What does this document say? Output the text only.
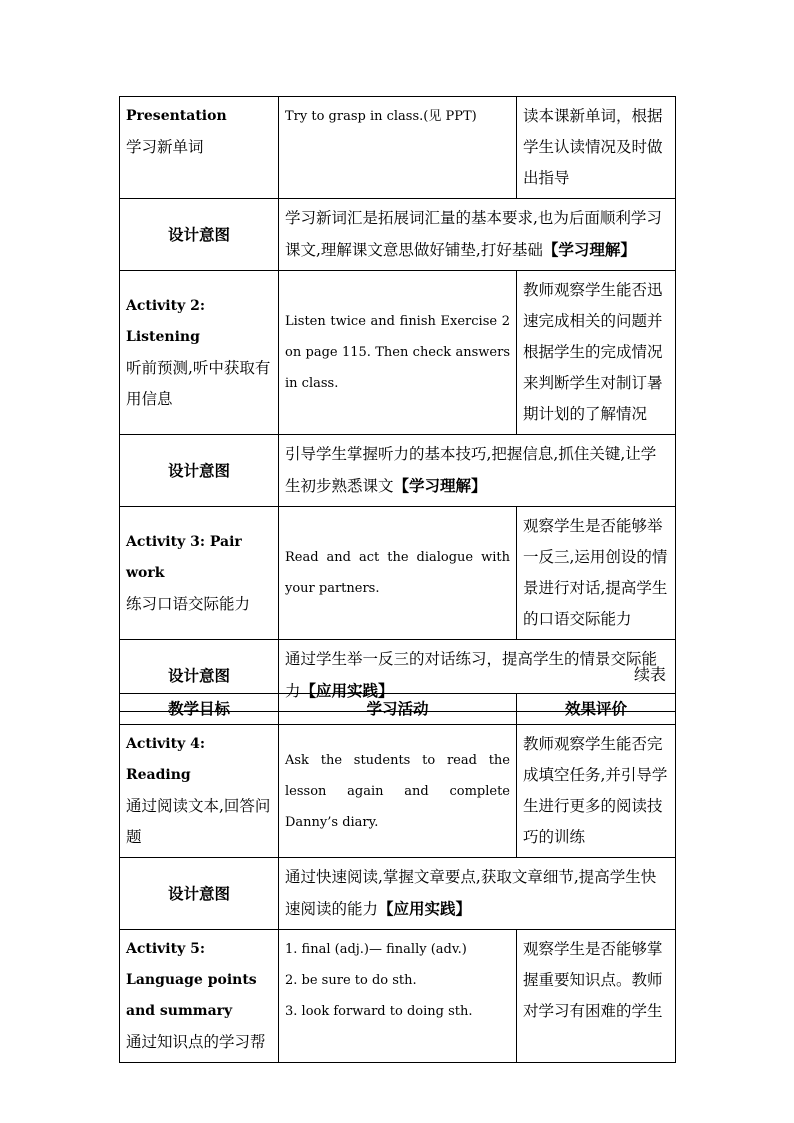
Presentation
学习新单词	Try to grasp in class.(见 PPT)	读本课新单词，根据学生认读情况及时做出指导
设计意图	学习新词汇是拓展词汇量的基本要求,也为后面顺利学习课文,理解课文意思做好铺垫,打好基础【学习理解】	

Activity 2: Listening
听前预测,听中获取有用信息	Listen twice and finish Exercise 2 on page 115. Then check answers in class.	教师观察学生能否迅速完成相关的问题并根据学生的完成情况来判断学生对制订暑期计划的了解情况
设计意图	引导学生掌握听力的基本技巧,把握信息,抓住关键,让学生初步熟悉课文【学习理解】	

Activity 3: Pair work
练习口语交际能力	Read and act the dialogue with your partners.	观察学生是否能够举一反三,运用创设的情景进行对话,提高学生的口语交际能力
设计意图	通过学生举一反三的对话练习，提高学生的情景交际能力【应用实践】	
续表
教学目标	学习活动	效果评价

Activity 4: Reading
通过阅读文本,回答问题	Ask the students to read the lesson again and complete Danny’s diary.	教师观察学生能否完成填空任务,并引导学生进行更多的阅读技巧的训练
设计意图	通过快速阅读,掌握文章要点,获取文章细节,提高学生快速阅读的能力【应用实践】	

Activity 5: Language points and summary
通过知识点的学习帮	1. final (adj.)— finally (adv.)
2. be sure to do sth.
3. look forward to doing sth.	观察学生是否能够掌握重要知识点。教师对学习有困难的学生
